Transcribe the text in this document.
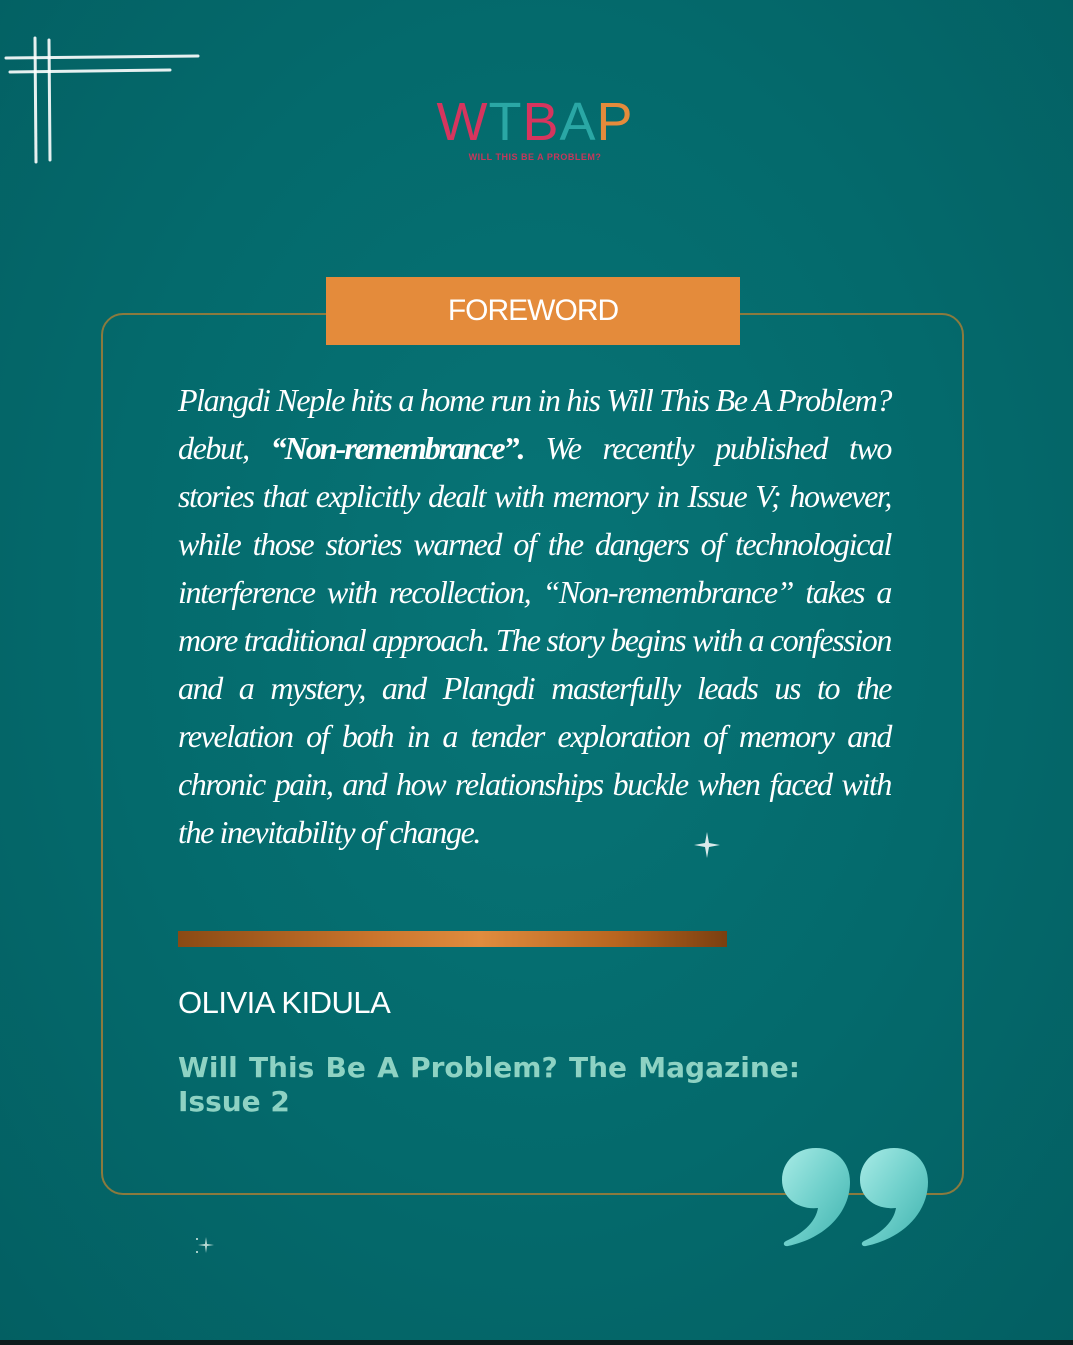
WTBAP
WILL THIS BE A PROBLEM?
FOREWORD
Plangdi Neple hits a home run in his Will This Be A Problem? debut, “Non-remembrance”. We recently published two stories that explicitly dealt with memory in Issue V; however, while those stories warned of the dangers of technological interference with recollection, “Non-remembrance” takes a more traditional approach. The story begins with a confession and a mystery, and Plangdi masterfully leads us to the revelation of both in a tender exploration of memory and chronic pain, and how relationships buckle when faced with the inevitability of change.
OLIVIA KIDULA
Will This Be A Problem? The Magazine: Issue 2
